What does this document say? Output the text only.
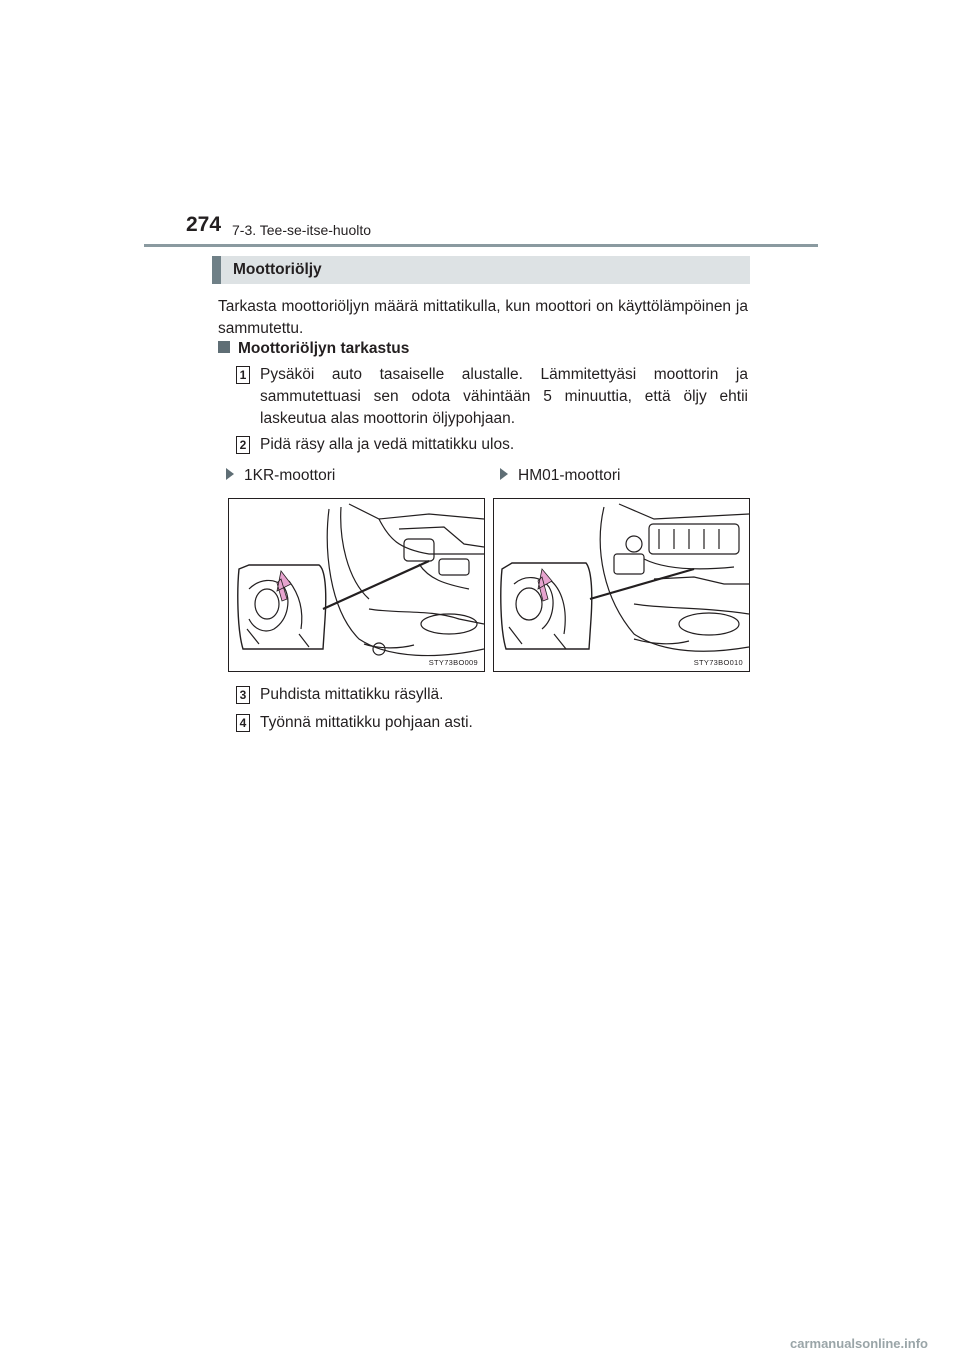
274 7-3. Tee-se-itse-huolto
Moottoriöljy
Tarkasta moottoriöljyn määrä mittatikulla, kun moottori on käyttölämpöinen ja sammutettu.
Moottoriöljyn tarkastus
1 Pysäköi auto tasaiselle alustalle. Lämmitettyäsi moottorin ja sammutettuasi sen odota vähintään 5 minuuttia, että öljy ehtii laskeutua alas moottorin öljypohjaan.
2 Pidä räsy alla ja vedä mittatikku ulos.
1KR-moottori	HM01-moottori
STY73BO009	STY73BO010
3 Puhdista mittatikku räsyllä.
4 Työnnä mittatikku pohjaan asti.
carmanualsonline.info
